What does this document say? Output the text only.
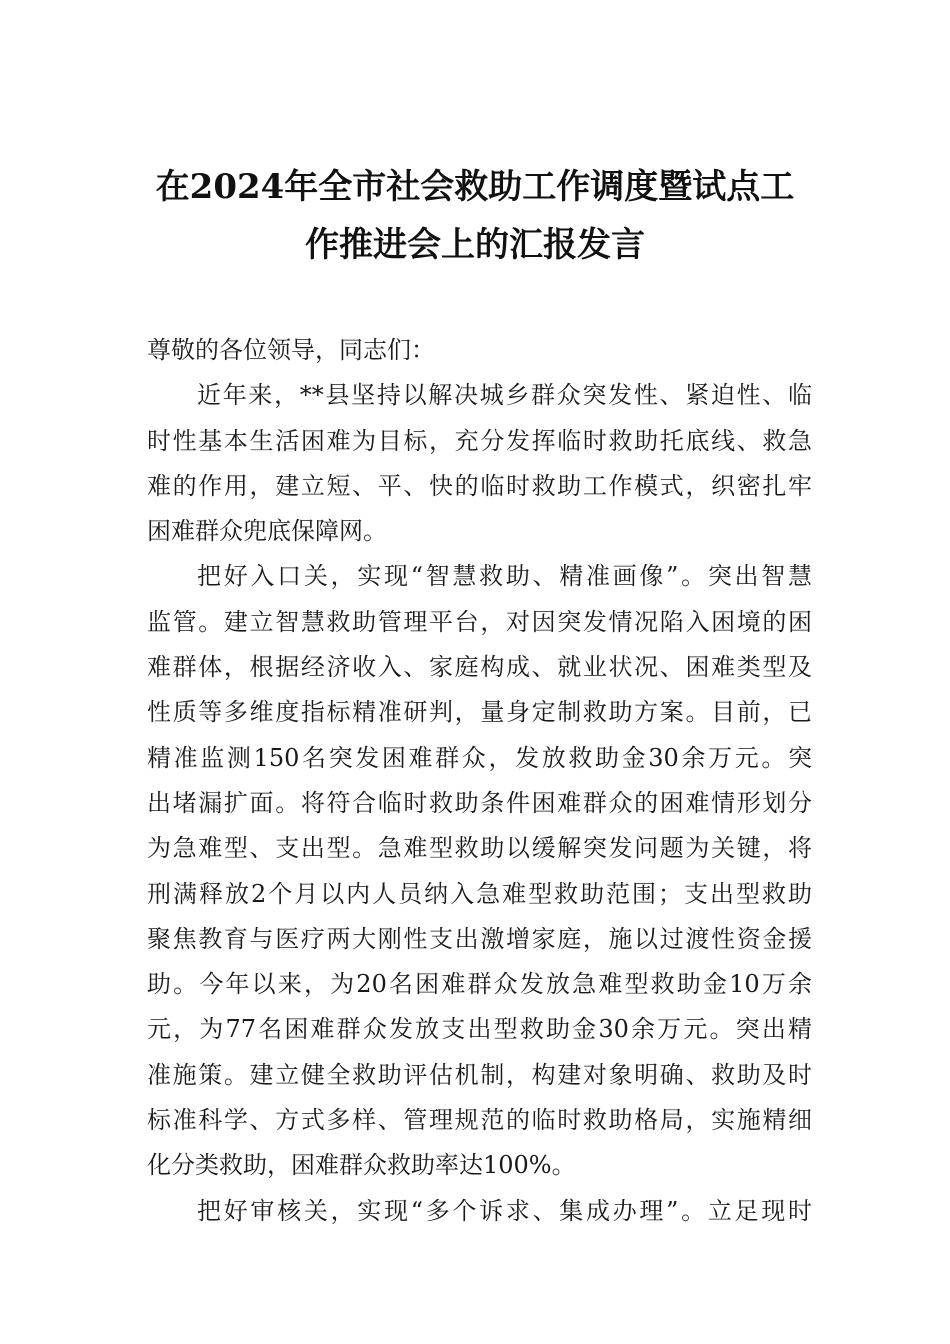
在2024年全市社会救助工作调度暨试点工
作推进会上的汇报发言

尊敬的各位领导，同志们：

近年来，**县坚持以解决城乡群众突发性、紧迫性、临
时性基本生活困难为目标，充分发挥临时救助托底线、救急
难的作用，建立短、平、快的临时救助工作模式，织密扎牢
困难群众兜底保障网。

把好入口关，实现“智慧救助、精准画像”。突出智慧
监管。建立智慧救助管理平台，对因突发情况陷入困境的困
难群体，根据经济收入、家庭构成、就业状况、困难类型及
性质等多维度指标精准研判，量身定制救助方案。目前，已
精准监测150名突发困难群众，发放救助金30余万元。突
出堵漏扩面。将符合临时救助条件困难群众的困难情形划分
为急难型、支出型。急难型救助以缓解突发问题为关键，将
刑满释放2个月以内人员纳入急难型救助范围；支出型救助
聚焦教育与医疗两大刚性支出激增家庭，施以过渡性资金援
助。今年以来，为20名困难群众发放急难型救助金10万余
元，为77名困难群众发放支出型救助金30余万元。突出精
准施策。建立健全救助评估机制，构建对象明确、救助及时
标准科学、方式多样、管理规范的临时救助格局，实施精细
化分类救助，困难群众救助率达100%。

把好审核关，实现“多个诉求、集成办理”。立足现时
